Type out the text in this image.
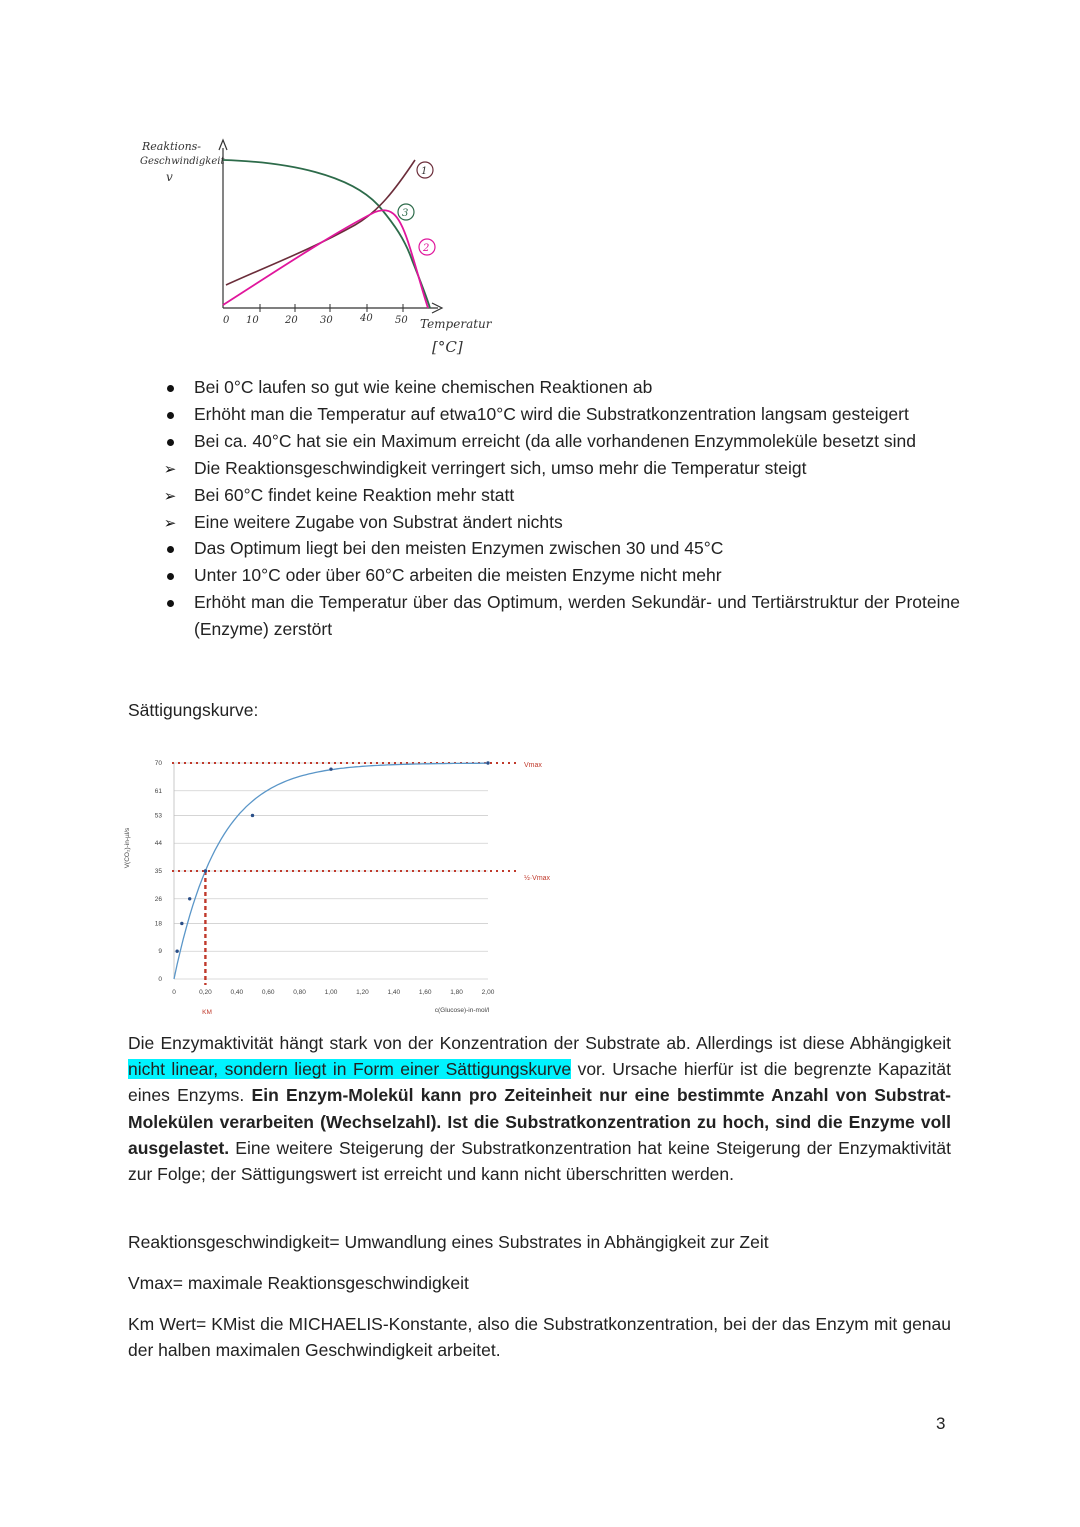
Reaktions-
Geschwindigkeit
v
0 10	20 30	40 50 Temperatur
[°C]
1
2
3
Bei 0°C laufen so gut wie keine chemischen Reaktionen ab
Erhöht man die Temperatur auf etwa10°C wird die Substratkonzentration langsam gesteigert
Bei ca. 40°C hat sie ein Maximum erreicht (da alle vorhandenen Enzymmoleküle besetzt sind
➢ Die Reaktionsgeschwindigkeit verringert sich, umso mehr die Temperatur steigt
➢ Bei 60°C findet keine Reaktion mehr statt
➢ Eine weitere Zugabe von Substrat ändert nichts
Das Optimum liegt bei den meisten Enzymen zwischen 30 und 45°C
Unter 10°C oder über 60°C arbeiten die meisten Enzyme nicht mehr
Erhöht man die Temperatur über das Optimum, werden Sekundär- und Tertiärstruktur der Proteine (Enzyme) zerstört
Sättigungskurve:
V(CO₂)-in-µl/s
0
9
18
26
35
44
53
61
70
0	0,20	0,40	0,60	0,80	1,00	1,20	1,40	1,60	1,80	2,00
c(Glucose)-in-mol/l
Vmax
½·Vmax
KM

Die Enzymaktivität hängt stark von der Konzentration der Substrate ab. Allerdings ist diese Abhängigkeit nicht linear, sondern liegt in Form einer Sättigungskurve vor. Ursache hierfür ist die begrenzte Kapazität eines Enzyms. Ein Enzym-Molekül kann pro Zeiteinheit nur eine bestimmte Anzahl von Substrat-Molekülen verarbeiten (Wechselzahl). Ist die Substratkonzentration zu hoch, sind die Enzyme voll ausgelastet. Eine weitere Steigerung der Substratkonzentration hat keine Steigerung der Enzymaktivität zur Folge; der Sättigungswert ist erreicht und kann nicht überschritten werden.

Reaktionsgeschwindigkeit= Umwandlung eines Substrates in Abhängigkeit zur Zeit

Vmax= maximale Reaktionsgeschwindigkeit

Km Wert= KMist die MICHAELIS-Konstante, also die Substratkonzentration, bei der das Enzym mit genau der halben maximalen Geschwindigkeit arbeitet.

3
